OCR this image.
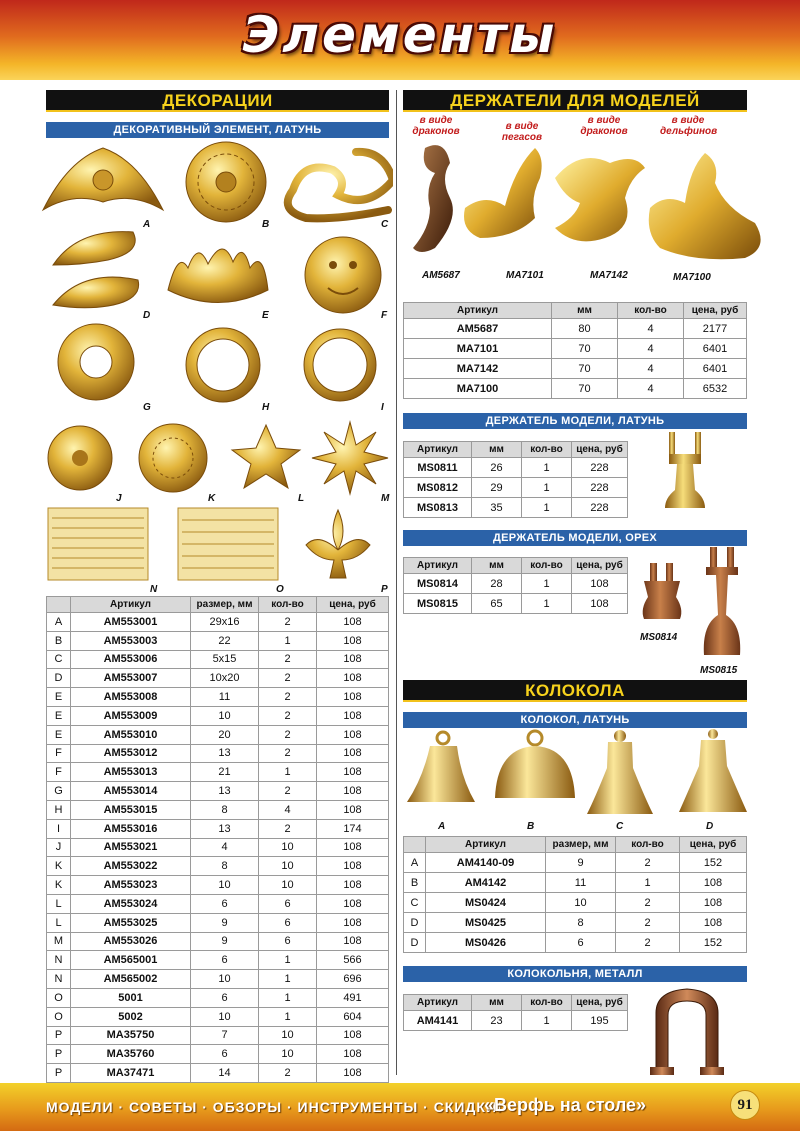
Элементы
ДЕКОРАЦИИ
ДЕКОРАТИВНЫЙ ЭЛЕМЕНТ, ЛАТУНЬ
A	B	C
D	E	F
G	H	I
J	K	L	M
N	O	P
	Артикул	размер, мм	кол-во	цена, руб
A	AM553001	29x16	2	108
B	AM553003	22	1	108
C	AM553006	5x15	2	108
D	AM553007	10x20	2	108
E	AM553008	11	2	108
E	AM553009	10	2	108
E	AM553010	20	2	108
F	AM553012	13	2	108
F	AM553013	21	1	108
G	AM553014	13	2	108
H	AM553015	8	4	108
I	AM553016	13	2	174
J	AM553021	4	10	108
K	AM553022	8	10	108
K	AM553023	10	10	108
L	AM553024	6	6	108
L	AM553025	9	6	108
M	AM553026	9	6	108
N	AM565001	6	1	566
N	AM565002	10	1	696
O	5001	6	1	491
O	5002	10	1	604
P	MA35750	7	10	108
P	MA35760	6	10	108
P	MA37471	14	2	108
ДЕРЖАТЕЛИ ДЛЯ МОДЕЛЕЙ
в виде драконов	в виде пегасов
в виде драконов
в виде дельфинов
AM5687	MA7101	MA7142	MA7100
Артикул	мм	кол-во	цена, руб
AM5687	80	4	2177
MA7101	70	4	6401
MA7142	70	4	6401
MA7100	70	4	6532
ДЕРЖАТЕЛЬ МОДЕЛИ, ЛАТУНЬ
Артикул	мм	кол-во	цена, руб
MS0811	26	1	228
MS0812	29	1	228
MS0813	35	1	228
ДЕРЖАТЕЛЬ МОДЕЛИ, ОРЕХ
Артикул	мм	кол-во	цена, руб
MS0814	28	1	108
MS0815	65	1	108
MS0814
MS0815
КОЛОКОЛА
КОЛОКОЛ, ЛАТУНЬ
A	B	C	D
	Артикул	размер, мм	кол-во	цена, руб
A	AM4140-09	9	2	152
B	AM4142	11	1	108
C	MS0424	10	2	108
D	MS0425	8	2	108
D	MS0426	6	2	152
КОЛОКОЛЬНЯ, МЕТАЛЛ
Артикул	мм	кол-во	цена, руб
AM4141	23	1	195
МОДЕЛИ · СОВЕТЫ · ОБЗОРЫ · ИНСТРУМЕНТЫ · СКИДКИ!
«Верфь на столе»	91
